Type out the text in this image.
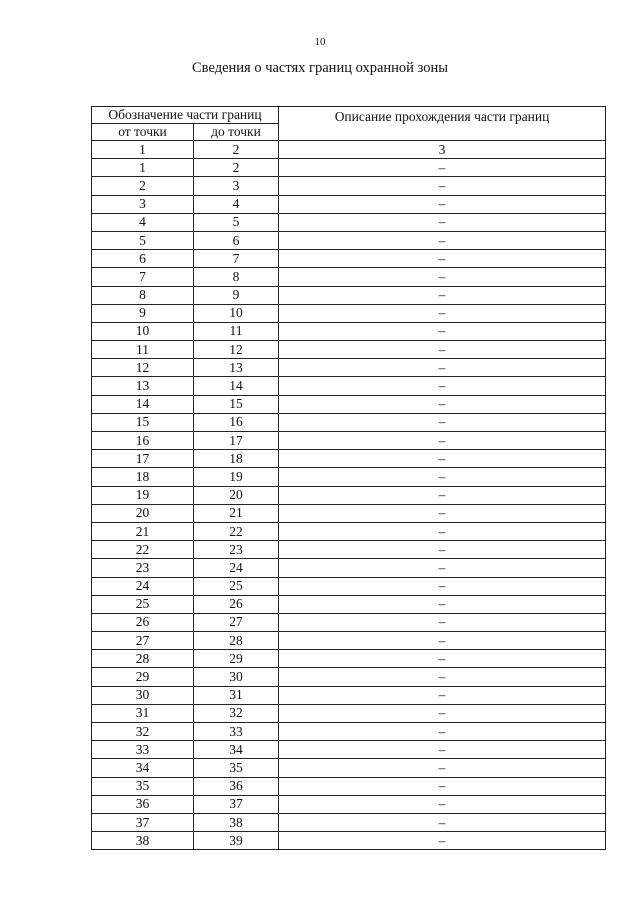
10
Сведения о частях границ охранной зоны
Обозначение части границ		Описание прохождения части границ
от точки	до точки	
1	2	3
1	2	–
2	3	–
3	4	–
4	5	–
5	6	–
6	7	–
7	8	–
8	9	–
9	10	–
10	11	–
11	12	–
12	13	–
13	14	–
14	15	–
15	16	–
16	17	–
17	18	–
18	19	–
19	20	–
20	21	–
21	22	–
22	23	–
23	24	–
24	25	–
25	26	–
26	27	–
27	28	–
28	29	–
29	30	–
30	31	–
31	32	–
32	33	–
33	34	–
34	35	–
35	36	–
36	37	–
37	38	–
38	39	–
